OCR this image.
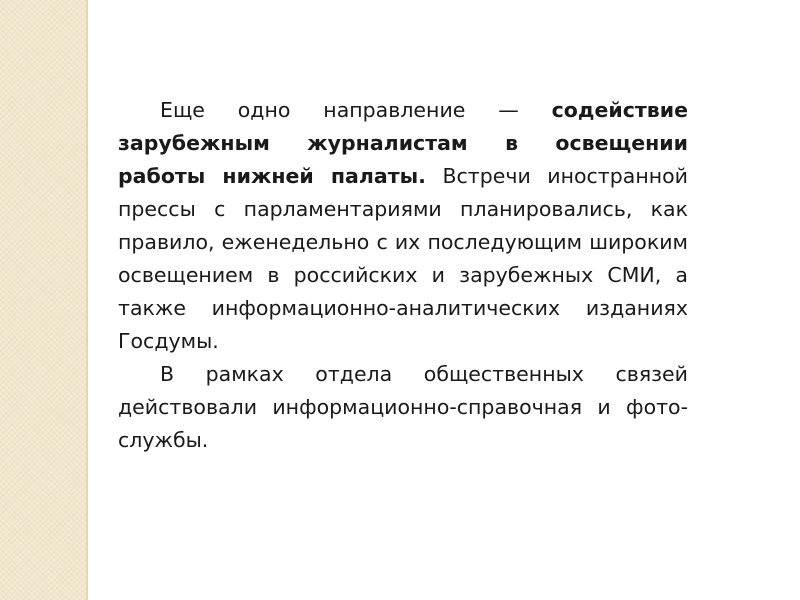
Еще одно направление — содействие зарубежным журналистам в освещении работы нижней палаты. Встречи иностранной прессы с парламентариями планировались, как правило, еженедельно с их последующим широким освещением в российских и зарубежных СМИ, а также информационно-аналитических изданиях Госдумы.

В рамках отдела общественных связей действовали информационно-справочная и фото-службы.
